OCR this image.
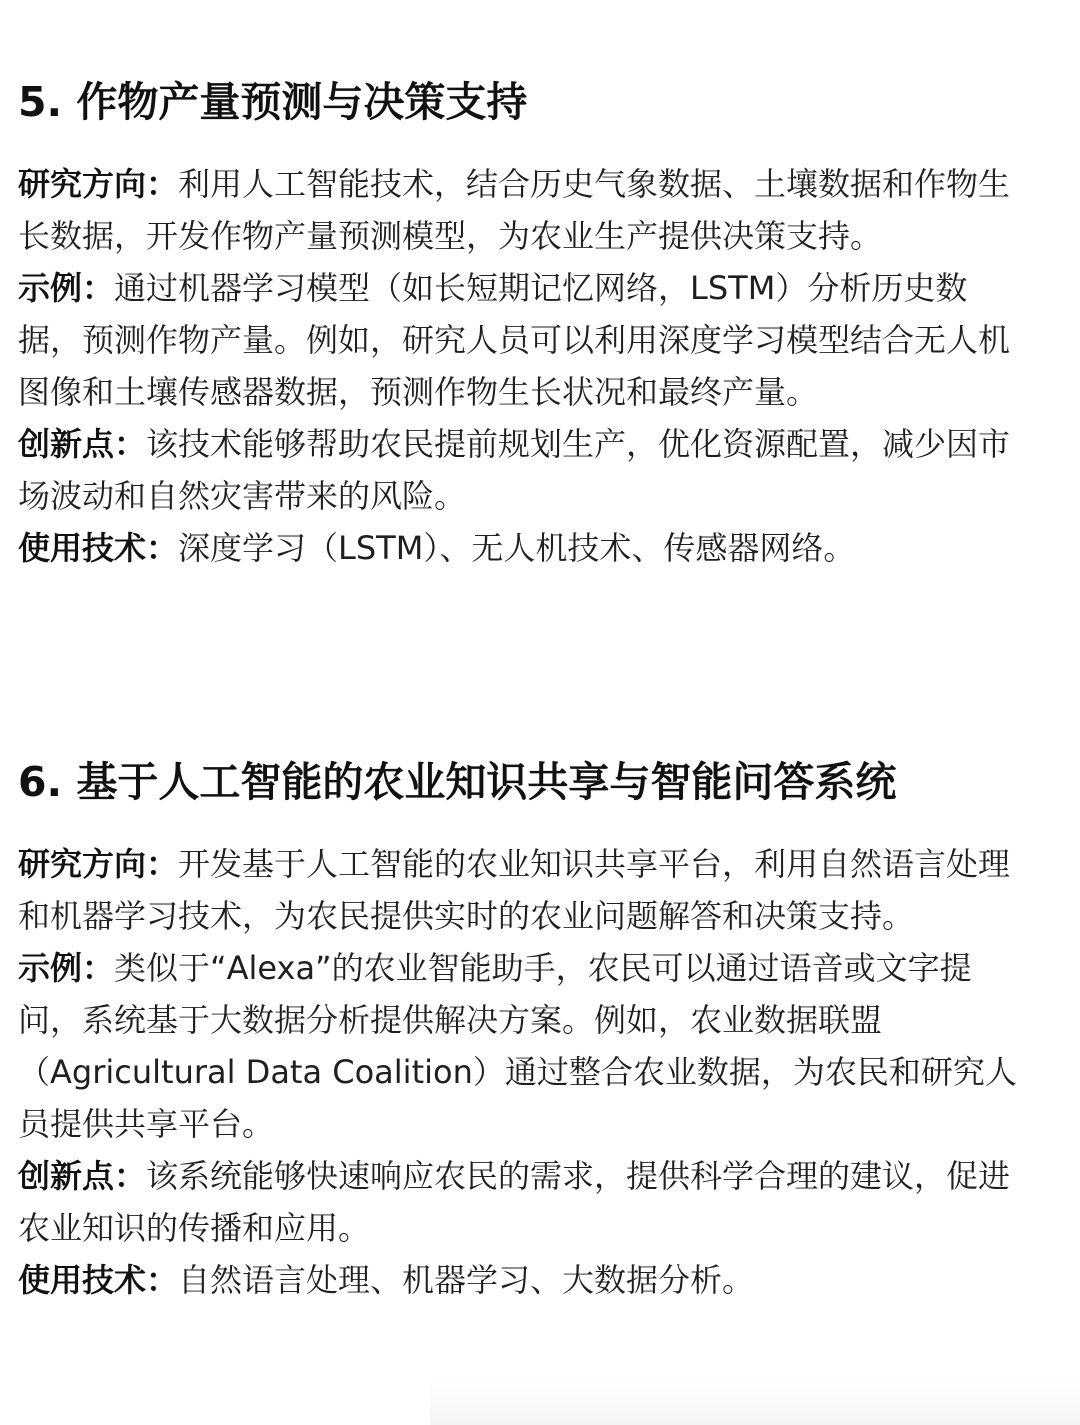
5. 作物产量预测与决策支持

研究方向：利用人工智能技术，结合历史气象数据、土壤数据和作物生长数据，开发作物产量预测模型，为农业生产提供决策支持。

示例：通过机器学习模型（如长短期记忆网络，LSTM）分析历史数据，预测作物产量。例如，研究人员可以利用深度学习模型结合无人机图像和土壤传感器数据，预测作物生长状况和最终产量。

创新点：该技术能够帮助农民提前规划生产，优化资源配置，减少因市场波动和自然灾害带来的风险。

使用技术：深度学习（LSTM）、无人机技术、传感器网络。

6. 基于人工智能的农业知识共享与智能问答系统

研究方向：开发基于人工智能的农业知识共享平台，利用自然语言处理和机器学习技术，为农民提供实时的农业问题解答和决策支持。

示例：类似于“Alexa”的农业智能助手，农民可以通过语音或文字提问，系统基于大数据分析提供解决方案。例如，农业数据联盟（Agricultural Data Coalition）通过整合农业数据，为农民和研究人员提供共享平台。

创新点：该系统能够快速响应农民的需求，提供科学合理的建议，促进农业知识的传播和应用。

使用技术：自然语言处理、机器学习、大数据分析。
